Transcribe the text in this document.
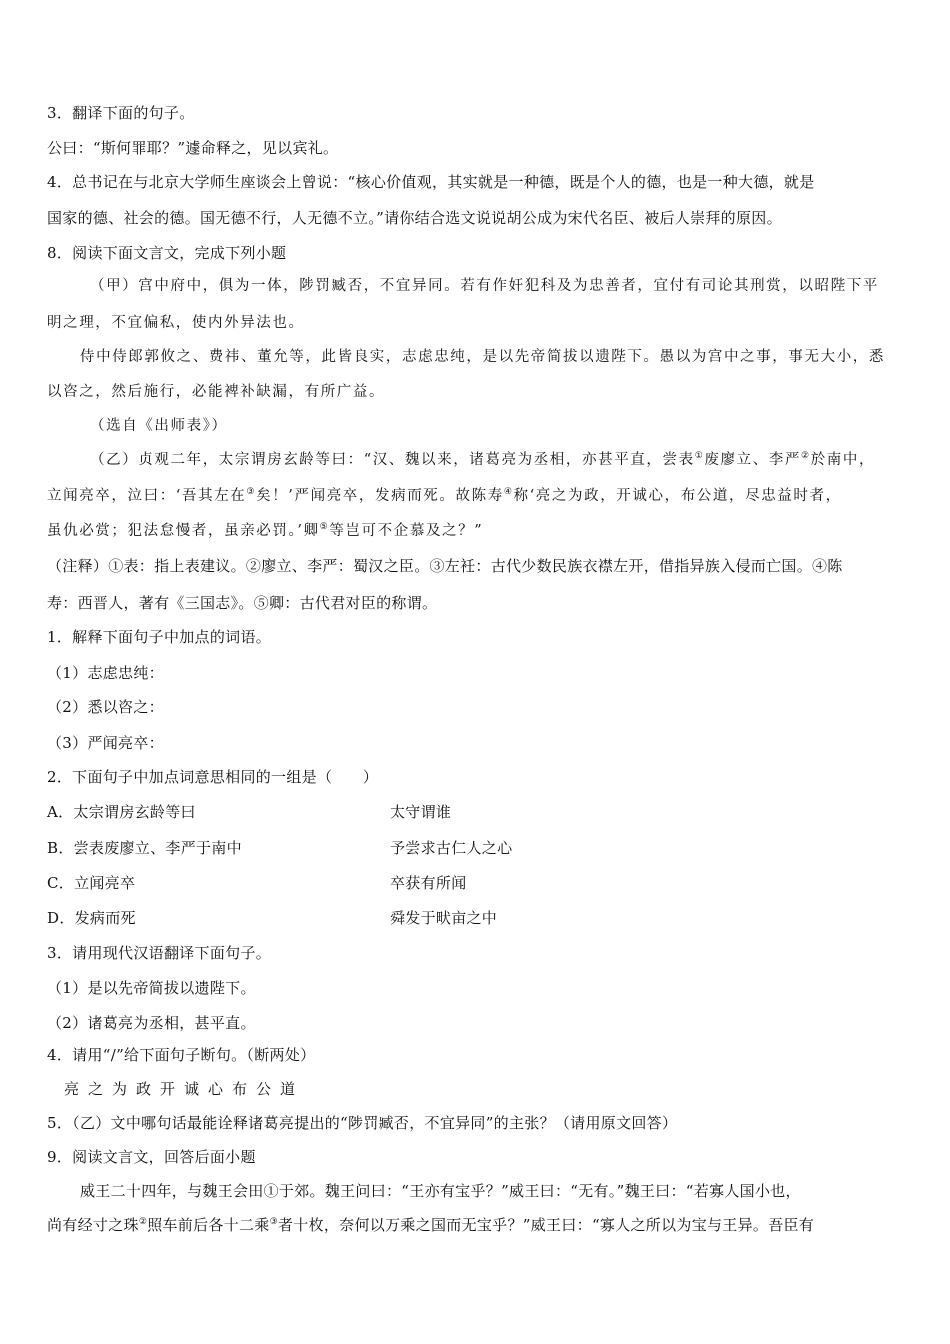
3．翻译下面的句子。
公曰：“斯何罪耶？”遽命释之，见以宾礼。
4．总书记在与北京大学师生座谈会上曾说：“核心价值观，其实就是一种德，既是个人的德，也是一种大德，就是
国家的德、社会的德。国无德不行，人无德不立。”请你结合选文说说胡公成为宋代名臣、被后人崇拜的原因。
8．阅读下面文言文，完成下列小题
（甲）宫中府中，俱为一体，陟罚臧否，不宜异同。若有作奸犯科及为忠善者，宜付有司论其刑赏，以昭陛下平
明之理，不宜偏私，使内外异法也。
侍中侍郎郭攸之、费祎、董允等，此皆良实，志虑忠纯，是以先帝简拔以遗陛下。愚以为宫中之事，事无大小，悉
以咨之，然后施行，必能裨补缺漏，有所广益。
（选自《出师表》）
（乙）贞观二年，太宗谓房玄龄等曰：“汉、魏以来，诸葛亮为丞相，亦甚平直，尝表①废廖立、李严②於南中，
立闻亮卒，泣曰：‘吾其左在③矣！’严闻亮卒，发病而死。故陈寿④称‘亮之为政，开诚心，布公道，尽忠益时者，
虽仇必赏；犯法怠慢者，虽亲必罚。’卿⑤等岂可不企慕及之？”
（注释）①表：指上表建议。②廖立、李严：蜀汉之臣。③左衽：古代少数民族衣襟左开，借指异族入侵而亡国。④陈
寿：西晋人，著有《三国志》。⑤卿：古代君对臣的称谓。
1．解释下面句子中加点的词语。
（1）志虑忠纯：
（2）悉以咨之：
（3）严闻亮卒：
2．下面句子中加点词意思相同的一组是（　　）
A．太宗谓房玄龄等曰	太守谓谁
B．尝表废廖立、李严于南中	予尝求古仁人之心
C．立闻亮卒	卒获有所闻
D．发病而死	舜发于畎亩之中
3．请用现代汉语翻译下面句子。
（1）是以先帝简拔以遗陛下。
（2）诸葛亮为丞相，甚平直。
4．请用“/”给下面句子断句。（断两处）
亮之为政开诚心布公道
5．（乙）文中哪句话最能诠释诸葛亮提出的“陟罚臧否，不宜异同”的主张？（请用原文回答）
9．阅读文言文，回答后面小题
威王二十四年，与魏王会田①于郊。魏王问曰：“王亦有宝乎？”威王曰：“无有。”魏王曰：“若寡人国小也，
尚有经寸之珠②照车前后各十二乘③者十枚，奈何以万乘之国而无宝乎？”威王曰：“寡人之所以为宝与王异。吾臣有
